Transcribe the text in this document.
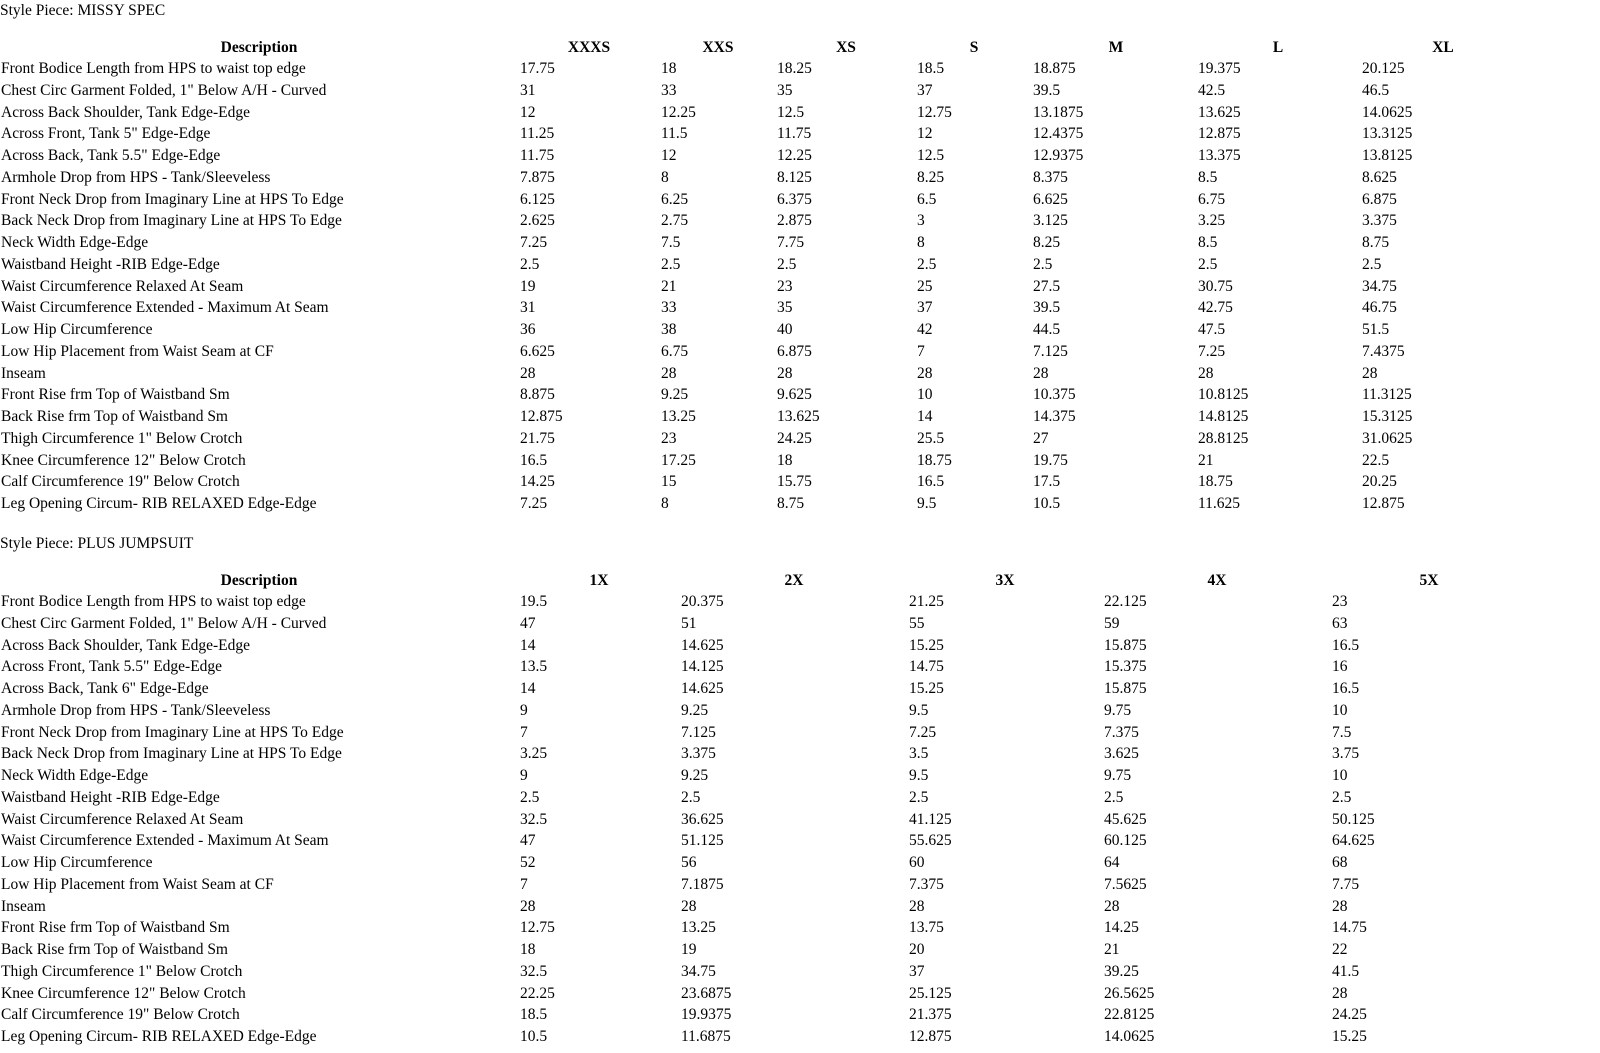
Style Piece: MISSY SPEC
Description	XXXS	XXS	XS	S	M	L	XL
Front Bodice Length from HPS to waist top edge	17.75	18	18.25	18.5	18.875	19.375	20.125
Chest Circ Garment Folded, 1" Below A/H - Curved	31	33	35	37	39.5	42.5	46.5
Across Back Shoulder, Tank Edge-Edge	12	12.25	12.5	12.75	13.1875	13.625	14.0625
Across Front, Tank 5" Edge-Edge	11.25	11.5	11.75	12	12.4375	12.875	13.3125
Across Back, Tank 5.5" Edge-Edge	11.75	12	12.25	12.5	12.9375	13.375	13.8125
Armhole Drop from HPS - Tank/Sleeveless	7.875	8	8.125	8.25	8.375	8.5	8.625
Front Neck Drop from Imaginary Line at HPS To Edge	6.125	6.25	6.375	6.5	6.625	6.75	6.875
Back Neck Drop from Imaginary Line at HPS To Edge	2.625	2.75	2.875	3	3.125	3.25	3.375
Neck Width Edge-Edge	7.25	7.5	7.75	8	8.25	8.5	8.75
Waistband Height -RIB Edge-Edge	2.5	2.5	2.5	2.5	2.5	2.5	2.5
Waist Circumference Relaxed At Seam	19	21	23	25	27.5	30.75	34.75
Waist Circumference Extended - Maximum At Seam	31	33	35	37	39.5	42.75	46.75
Low Hip Circumference	36	38	40	42	44.5	47.5	51.5
Low Hip Placement from Waist Seam at CF	6.625	6.75	6.875	7	7.125	7.25	7.4375
Inseam	28	28	28	28	28	28	28
Front Rise frm Top of Waistband Sm	8.875	9.25	9.625	10	10.375	10.8125	11.3125
Back Rise frm Top of Waistband Sm	12.875	13.25	13.625	14	14.375	14.8125	15.3125
Thigh Circumference 1" Below Crotch	21.75	23	24.25	25.5	27	28.8125	31.0625
Knee Circumference 12" Below Crotch	16.5	17.25	18	18.75	19.75	21	22.5
Calf Circumference 19" Below Crotch	14.25	15	15.75	16.5	17.5	18.75	20.25
Leg Opening Circum- RIB RELAXED Edge-Edge	7.25	8	8.75	9.5	10.5	11.625	12.875
Style Piece: PLUS JUMPSUIT
Description	1X	2X	3X	4X	5X
Front Bodice Length from HPS to waist top edge	19.5	20.375	21.25	22.125	23
Chest Circ Garment Folded, 1" Below A/H - Curved	47	51	55	59	63
Across Back Shoulder, Tank Edge-Edge	14	14.625	15.25	15.875	16.5
Across Front, Tank 5.5" Edge-Edge	13.5	14.125	14.75	15.375	16
Across Back, Tank 6" Edge-Edge	14	14.625	15.25	15.875	16.5
Armhole Drop from HPS - Tank/Sleeveless	9	9.25	9.5	9.75	10
Front Neck Drop from Imaginary Line at HPS To Edge	7	7.125	7.25	7.375	7.5
Back Neck Drop from Imaginary Line at HPS To Edge	3.25	3.375	3.5	3.625	3.75
Neck Width Edge-Edge	9	9.25	9.5	9.75	10
Waistband Height -RIB Edge-Edge	2.5	2.5	2.5	2.5	2.5
Waist Circumference Relaxed At Seam	32.5	36.625	41.125	45.625	50.125
Waist Circumference Extended - Maximum At Seam	47	51.125	55.625	60.125	64.625
Low Hip Circumference	52	56	60	64	68
Low Hip Placement from Waist Seam at CF	7	7.1875	7.375	7.5625	7.75
Inseam	28	28	28	28	28
Front Rise frm Top of Waistband Sm	12.75	13.25	13.75	14.25	14.75
Back Rise frm Top of Waistband Sm	18	19	20	21	22
Thigh Circumference 1" Below Crotch	32.5	34.75	37	39.25	41.5
Knee Circumference 12" Below Crotch	22.25	23.6875	25.125	26.5625	28
Calf Circumference 19" Below Crotch	18.5	19.9375	21.375	22.8125	24.25
Leg Opening Circum- RIB RELAXED Edge-Edge	10.5	11.6875	12.875	14.0625	15.25
